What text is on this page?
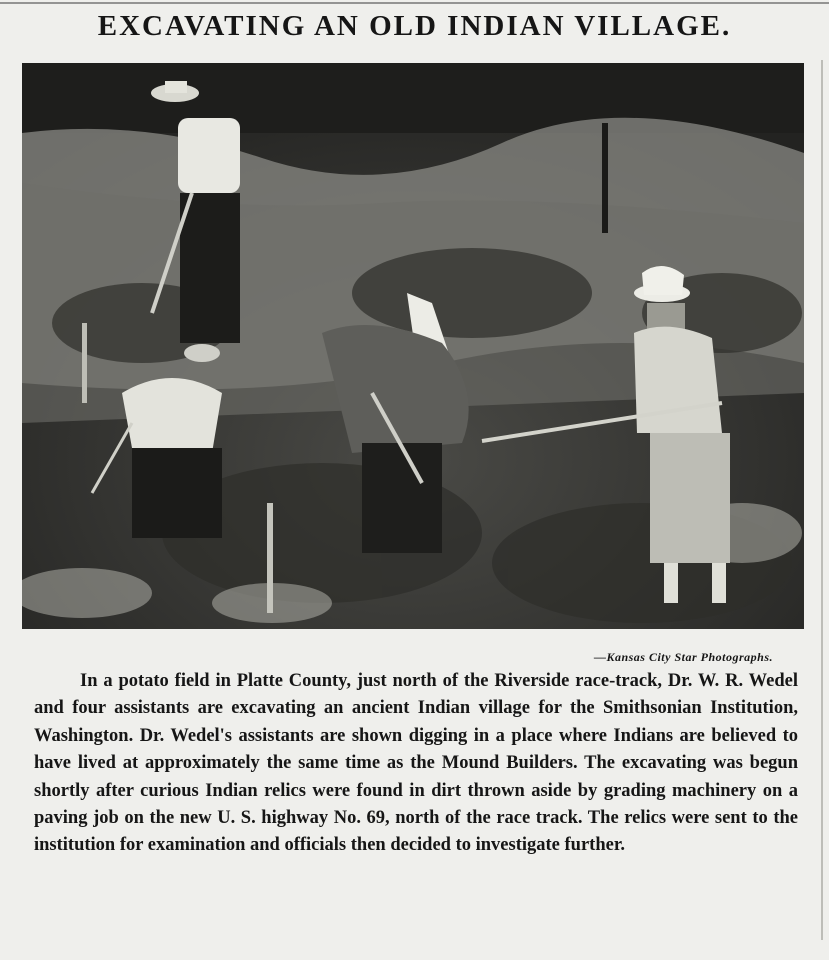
EXCAVATING AN OLD INDIAN VILLAGE.
—Kansas City Star Photographs.

In a potato field in Platte County, just north of the Riverside race-track, Dr. W. R. Wedel and four assistants are excavating an ancient Indian village for the Smithsonian Institution, Washington. Dr. Wedel's assistants are shown digging in a place where Indians are believed to have lived at approximately the same time as the Mound Builders. The excavating was begun shortly after curious Indian relics were found in dirt thrown aside by grading machinery on a paving job on the new U. S. highway No. 69, north of the race track. The relics were sent to the institution for examination and officials then decided to investigate further.
